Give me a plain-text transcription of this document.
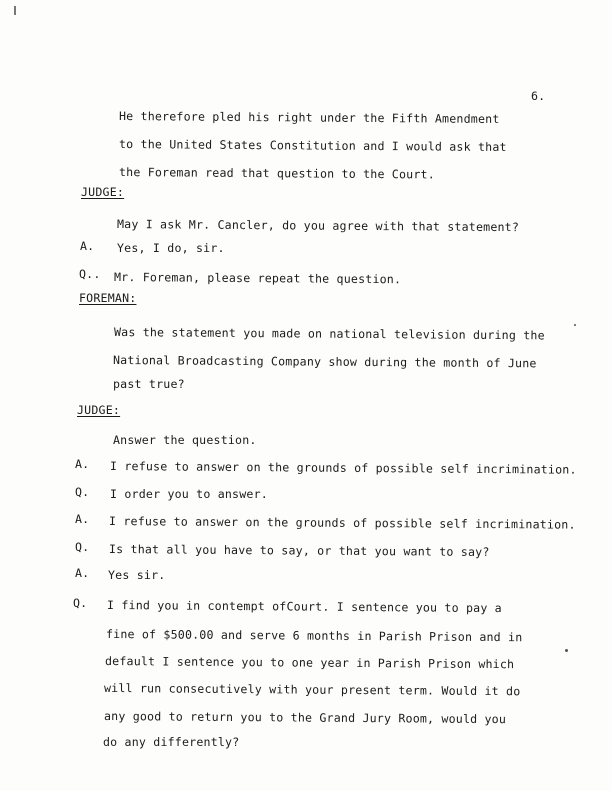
6.
He therefore pled his right under the Fifth Amendment
to the United States Constitution and I would ask that
the Foreman read that question to the Court.
JUDGE:
May I ask Mr. Cancler, do you agree with that statement?
A. Yes, I do, sir.
Q.. Mr. Foreman, please repeat the question.
FOREMAN:
Was the statement you made on national television during the
National Broadcasting Company show during the month of June
past true?
JUDGE:
Answer the question.
A. I refuse to answer on the grounds of possible self incrimination.
Q. I order you to answer.
A. I refuse to answer on the grounds of possible self incrimination.
Q. Is that all you have to say, or that you want to say?
A. Yes sir.
Q. I find you in contempt ofCourt. I sentence you to pay a
fine of $500.00 and serve 6 months in Parish Prison and in
default I sentence you to one year in Parish Prison which
will run consecutively with your present term. Would it do
any good to return you to the Grand Jury Room, would you
do any differently?
